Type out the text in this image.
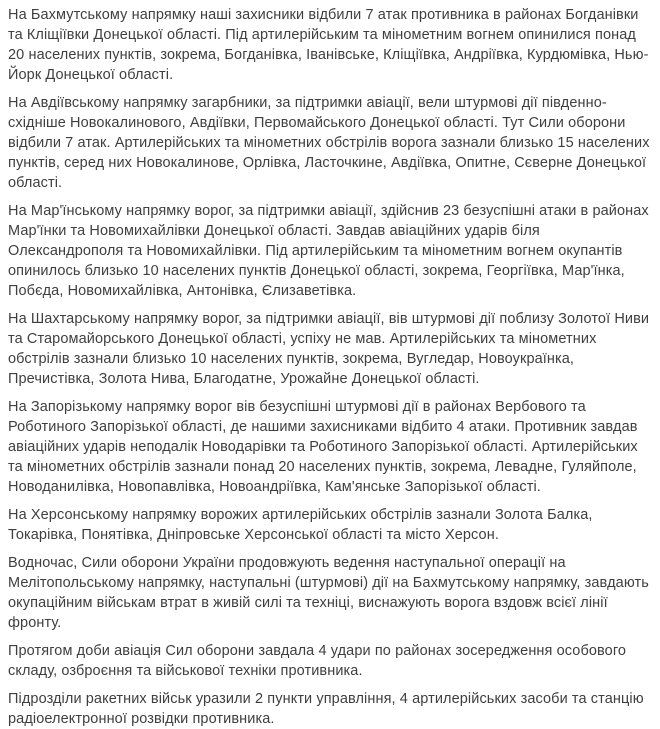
На Бахмутському напрямку наші захисники відбили 7 атак противника в районах Богданівки та Кліщіївки Донецької області. Під артилерійським та мінометним вогнем опинилися понад 20 населених пунктів, зокрема, Богданівка, Іванівське, Кліщіївка, Андріївка, Курдюмівка, Нью-Йорк Донецької області.

На Авдіївському напрямку загарбники, за підтримки авіації, вели штурмові дії південно-східніше Новокалинового, Авдіївки, Первомайського Донецької області. Тут Сили оборони відбили 7 атак. Артилерійських та мінометних обстрілів ворога зазнали близько 15 населених пунктів, серед них Новокалинове, Орлівка, Ласточкине, Авдіївка, Опитне, Сєверне Донецької області.

На Мар'їнському напрямку ворог, за підтримки авіації, здійснив 23 безуспішні атаки в районах Мар'їнки та Новомихайлівки Донецької області. Завдав авіаційних ударів біля Олександрополя та Новомихайлівки. Під артилерійським та мінометним вогнем окупантів опинилось близько 10 населених пунктів Донецької області, зокрема, Георгіївка, Мар'їнка, Побєда, Новомихайлівка, Антонівка, Єлизаветівка.

На Шахтарському напрямку ворог, за підтримки авіації, вів штурмові дії поблизу Золотої Ниви та Старомайорського Донецької області, успіху не мав. Артилерійських та мінометних обстрілів зазнали близько 10 населених пунктів, зокрема, Вугледар, Новоукраїнка, Пречистівка, Золота Нива, Благодатне, Урожайне Донецької області.

На Запорізькому напрямку ворог вів безуспішні штурмові дії в районах Вербового та Роботиного Запорізької області, де нашими захисниками відбито 4 атаки. Противник завдав авіаційних ударів неподалік Новодарівки та Роботиного Запорізької області. Артилерійських та мінометних обстрілів зазнали понад 20 населених пунктів, зокрема, Левадне, Гуляйполе, Новоданилівка, Новопавлівка, Новоандріївка, Кам'янське Запорізької області.

На Херсонському напрямку ворожих артилерійських обстрілів зазнали Золота Балка, Токарівка, Понятівка, Дніпровське Херсонської області та місто Херсон.

Водночас, Сили оборони України продовжують ведення наступальної операції на Мелітопольському напрямку, наступальні (штурмові) дії на Бахмутському напрямку, завдають окупаційним військам втрат в живій силі та техніці, виснажують ворога вздовж всієї лінії фронту.

Протягом доби авіація Сил оборони завдала 4 удари по районах зосередження особового складу, озброєння та військової техніки противника.

Підрозділи ракетних військ уразили 2 пункти управління, 4 артилерійських засоби та станцію радіоелектронної розвідки противника.
